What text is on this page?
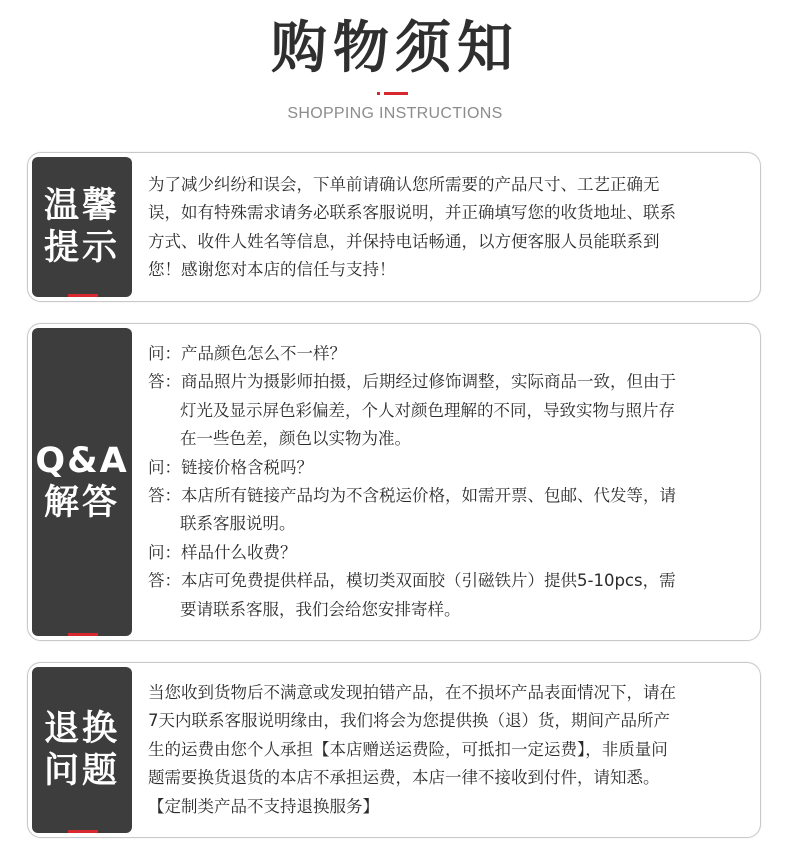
购物须知
SHOPPING INSTRUCTIONS
温馨
提示
为了减少纠纷和误会，下单前请确认您所需要的产品尺寸、工艺正确无
误，如有特殊需求请务必联系客服说明，并正确填写您的收货地址、联系
方式、收件人姓名等信息，并保持电话畅通，以方便客服人员能联系到
您！感谢您对本店的信任与支持！
Q&A
解答
问：产品颜色怎么不一样？
答：商品照片为摄影师拍摄，后期经过修饰调整，实际商品一致，但由于
灯光及显示屏色彩偏差，个人对颜色理解的不同，导致实物与照片存
在一些色差，颜色以实物为准。
问：链接价格含税吗？
答：本店所有链接产品均为不含税运价格，如需开票、包邮、代发等，请
联系客服说明。
问：样品什么收费？
答：本店可免费提供样品，模切类双面胶（引磁铁片）提供5-10pcs，需
要请联系客服，我们会给您安排寄样。
退换
问题
当您收到货物后不满意或发现拍错产品，在不损坏产品表面情况下，请在
7天内联系客服说明缘由，我们将会为您提供换（退）货，期间产品所产
生的运费由您个人承担【本店赠送运费险，可抵扣一定运费】，非质量问
题需要换货退货的本店不承担运费，本店一律不接收到付件，请知悉。
【定制类产品不支持退换服务】
